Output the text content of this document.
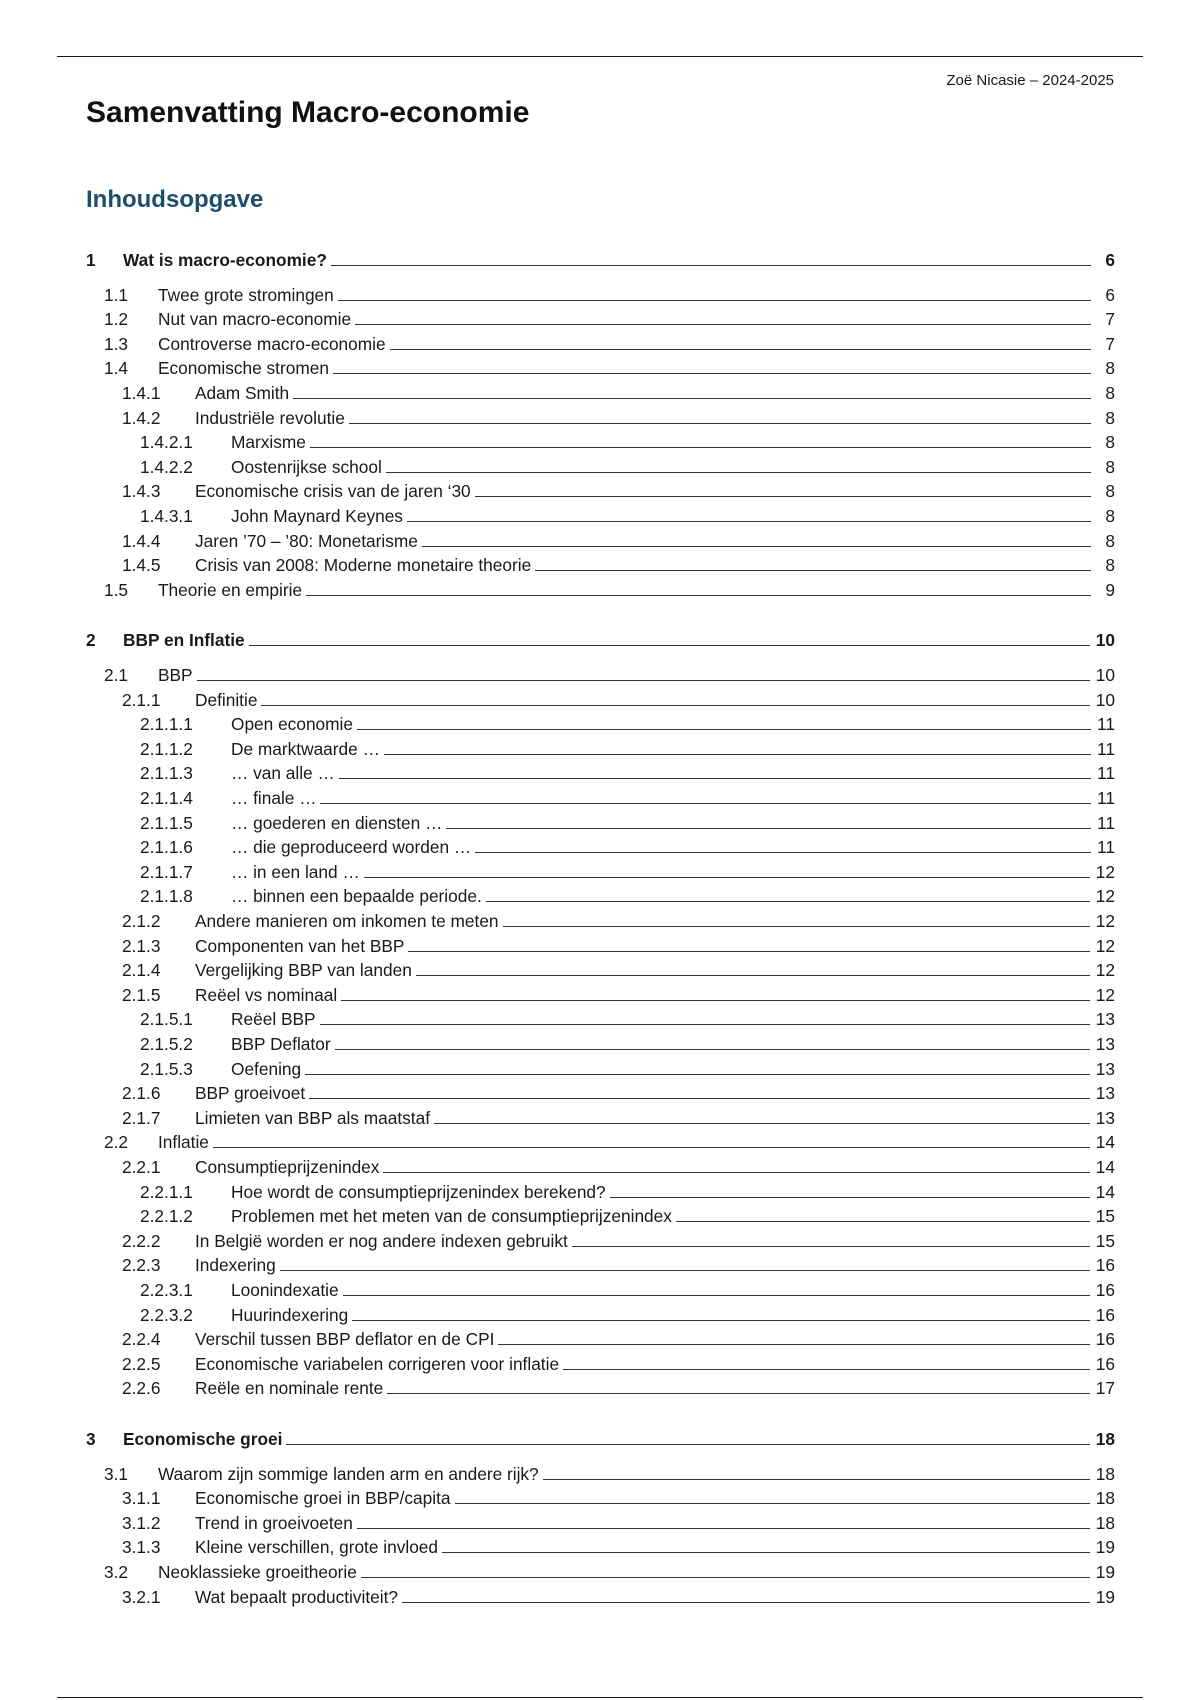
Zoë Nicasie – 2024-2025
Samenvatting Macro-economie
Inhoudsopgave
1	Wat is macro-economie?	6
1.1	Twee grote stromingen	6
1.2	Nut van macro-economie	7
1.3	Controverse macro-economie	7
1.4	Economische stromen	8
1.4.1	Adam Smith	8
1.4.2	Industriële revolutie	8
1.4.2.1	Marxisme	8
1.4.2.2	Oostenrijkse school	8
1.4.3	Economische crisis van de jaren ‘30	8
1.4.3.1	John Maynard Keynes	8
1.4.4	Jaren ’70 – ’80: Monetarisme	8
1.4.5	Crisis van 2008: Moderne monetaire theorie	8
1.5	Theorie en empirie	9
2	BBP en Inflatie	10
2.1	BBP	10
2.1.1	Definitie	10
2.1.1.1	Open economie	11
2.1.1.2	De marktwaarde …	11
2.1.1.3	… van alle …	11
2.1.1.4	… finale …	11
2.1.1.5	… goederen en diensten …	11
2.1.1.6	… die geproduceerd worden …	11
2.1.1.7	… in een land …	12
2.1.1.8	… binnen een bepaalde periode.	12
2.1.2	Andere manieren om inkomen te meten	12
2.1.3	Componenten van het BBP	12
2.1.4	Vergelijking BBP van landen	12
2.1.5	Reëel vs nominaal	12
2.1.5.1	Reëel BBP	13
2.1.5.2	BBP Deflator	13
2.1.5.3	Oefening	13
2.1.6	BBP groeivoet	13
2.1.7	Limieten van BBP als maatstaf	13
2.2	Inflatie	14
2.2.1	Consumptieprijzenindex	14
2.2.1.1	Hoe wordt de consumptieprijzenindex berekend?	14
2.2.1.2	Problemen met het meten van de consumptieprijzenindex	15
2.2.2	In België worden er nog andere indexen gebruikt	15
2.2.3	Indexering	16
2.2.3.1	Loonindexatie	16
2.2.3.2	Huurindexering	16
2.2.4	Verschil tussen BBP deflator en de CPI	16
2.2.5	Economische variabelen corrigeren voor inflatie	16
2.2.6	Reële en nominale rente	17
3	Economische groei	18
3.1	Waarom zijn sommige landen arm en andere rijk?	18
3.1.1	Economische groei in BBP/capita	18
3.1.2	Trend in groeivoeten	18
3.1.3	Kleine verschillen, grote invloed	19
3.2	Neoklassieke groeitheorie	19
3.2.1	Wat bepaalt productiviteit?	19
